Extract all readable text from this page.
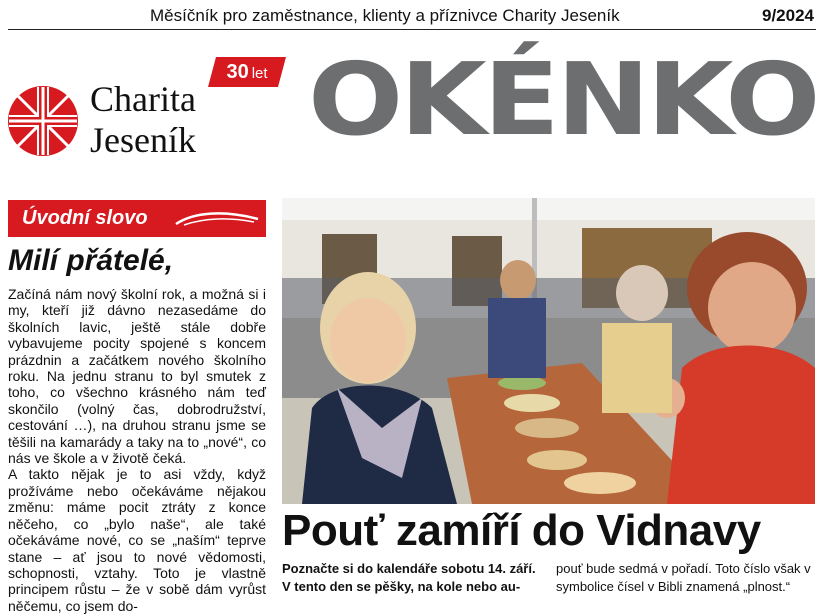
Měsíčník pro zaměstnance, klienty a příznivce Charity Jeseník	9/2024
Charita
Jeseník
30 let OKÉNKO
Úvodní slovo
Milí přátelé,

Začíná nám nový školní rok, a možná si i my, kteří již dávno nezasedáme do školních lavic, ještě stále dobře vybavujeme pocity spojené s koncem prázdnin a začátkem nového školního roku. Na jednu stranu to byl smutek z toho, co všechno krásného nám teď skončilo (volný čas, dobrodružství, cestování …), na druhou stranu jsme se těšili na kamarády a taky na to „nové“, co nás ve škole a v životě čeká.

A takto nějak je to asi vždy, když prožíváme nebo očekáváme nějakou změnu: máme pocit ztráty z konce něčeho, co „bylo naše“, ale také očekáváme nové, co se „naším“ teprve stane – ať jsou to nové vědomosti, schopnosti, vztahy. Toto je vlastně principem růstu – že v sobě dám vyrůst něčemu, co jsem do-

Pouť zamíří do Vidnavy
Poznačte si do kalendáře sobotu 14. září. V tento den se pěšky, na kole nebo au-
pouť bude sedmá v pořadí. Toto číslo však v symbolice čísel v Bibli znamená „plnost.“
